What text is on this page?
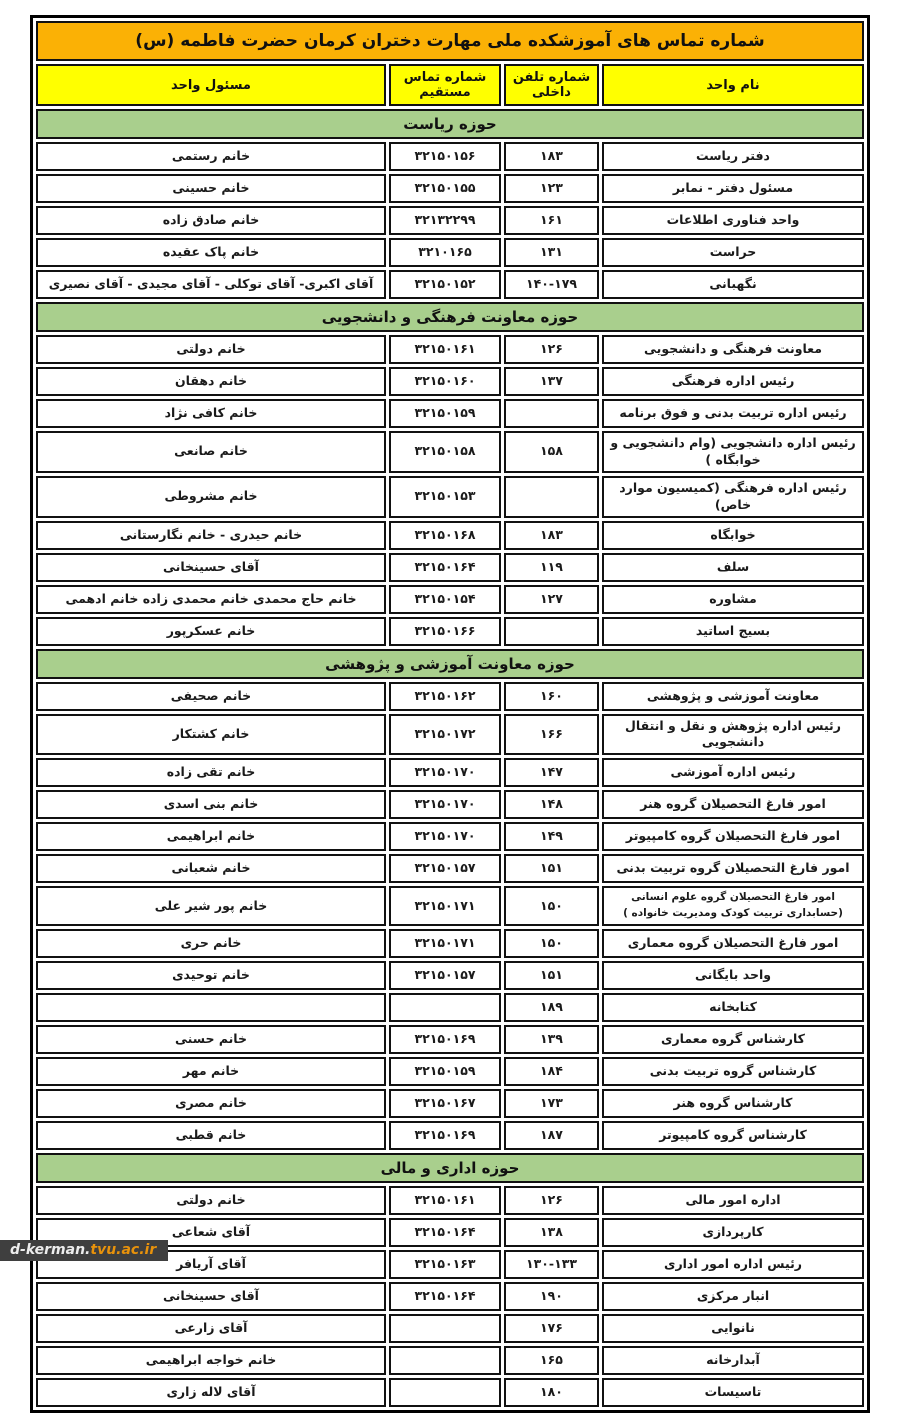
شماره تماس های آموزشکده ملی مهارت دختران کرمان حضرت فاطمه (س)			
نام واحد	شماره تلفن داخلی	شماره تماس مستقیم	مسئول واحد
حوزه ریاست			
دفتر ریاست	۱۸۳	۳۲۱۵۰۱۵۶	خانم رستمی
مسئول دفتر - نمابر	۱۲۳	۳۲۱۵۰۱۵۵	خانم حسینی
واحد فناوری اطلاعات	۱۶۱	۳۲۱۳۲۲۹۹	خانم صادق زاده
حراست	۱۳۱	۳۲۱۰۱۶۵	خانم پاک عقیده
نگهبانی	۱۴۰-۱۷۹	۳۲۱۵۰۱۵۲	آقای اکبری- آقای توکلی - آقای مجیدی - آقای نصیری
حوزه معاونت فرهنگی و دانشجویی			
معاونت فرهنگی و دانشجویی	۱۲۶	۳۲۱۵۰۱۶۱	خانم دولتی
رئیس اداره فرهنگی	۱۳۷	۳۲۱۵۰۱۶۰	خانم دهقان
رئیس اداره تربیت بدنی و فوق برنامه		۳۲۱۵۰۱۵۹	خانم کافی نژاد
رئیس اداره دانشجویی (وام دانشجویی و خوابگاه )	۱۵۸	۳۲۱۵۰۱۵۸	خانم صانعی
رئیس اداره فرهنگی (کمیسیون موارد خاص)		۳۲۱۵۰۱۵۳	خانم مشروطی
خوابگاه	۱۸۳	۳۲۱۵۰۱۶۸	خانم حیدری - خانم نگارستانی
سلف	۱۱۹	۳۲۱۵۰۱۶۴	آقای حسینخانی
مشاوره	۱۲۷	۳۲۱۵۰۱۵۴	خانم حاج محمدی خانم محمدی زاده خانم ادهمی
بسیج اساتید		۳۲۱۵۰۱۶۶	خانم عسکرپور
حوزه معاونت آموزشی و پژوهشی			
معاونت آموزشی و پژوهشی	۱۶۰	۳۲۱۵۰۱۶۲	خانم صحیفی
رئیس اداره پژوهش و نقل و انتقال دانشجویی	۱۶۶	۳۲۱۵۰۱۷۲	خانم کشتکار
رئیس اداره آموزشی	۱۴۷	۳۲۱۵۰۱۷۰	خانم تقی زاده
امور فارغ التحصیلان گروه هنر	۱۴۸	۳۲۱۵۰۱۷۰	خانم بنی اسدی
امور فارغ التحصیلان گروه کامپیوتر	۱۴۹	۳۲۱۵۰۱۷۰	خانم ابراهیمی
امور فارغ التحصیلان گروه تربیت بدنی	۱۵۱	۳۲۱۵۰۱۵۷	خانم شعبانی
امور فارغ التحصیلان گروه علوم انسانی (حسابداری تربیت کودک ومدیریت خانواده )	۱۵۰	۳۲۱۵۰۱۷۱	خانم پور شیر علی
امور فارغ التحصیلان گروه معماری	۱۵۰	۳۲۱۵۰۱۷۱	خانم حری
واحد بایگانی	۱۵۱	۳۲۱۵۰۱۵۷	خانم توحیدی
کتابخانه	۱۸۹		
کارشناس گروه معماری	۱۳۹	۳۲۱۵۰۱۶۹	خانم حسنی
کارشناس گروه تربیت بدنی	۱۸۴	۳۲۱۵۰۱۵۹	خانم مهر
کارشناس گروه هنر	۱۷۳	۳۲۱۵۰۱۶۷	خانم مصری
کارشناس گروه کامپیوتر	۱۸۷	۳۲۱۵۰۱۶۹	خانم قطبی
حوزه اداری و مالی			
اداره امور مالی	۱۲۶	۳۲۱۵۰۱۶۱	خانم دولتی
کارپردازی	۱۳۸	۳۲۱۵۰۱۶۴	آقای شعاعی
رئیس اداره امور اداری	۱۳۰-۱۳۳	۳۲۱۵۰۱۶۳	آقای آریافر
انبار مرکزی	۱۹۰	۳۲۱۵۰۱۶۴	آقای حسینخانی
نانوایی	۱۷۶		آقای زارعی
آبدارخانه	۱۶۵		خانم خواجه ابراهیمی
تاسیسات	۱۸۰		آقای لاله زاری
d-kerman.tvu.ac.ir
